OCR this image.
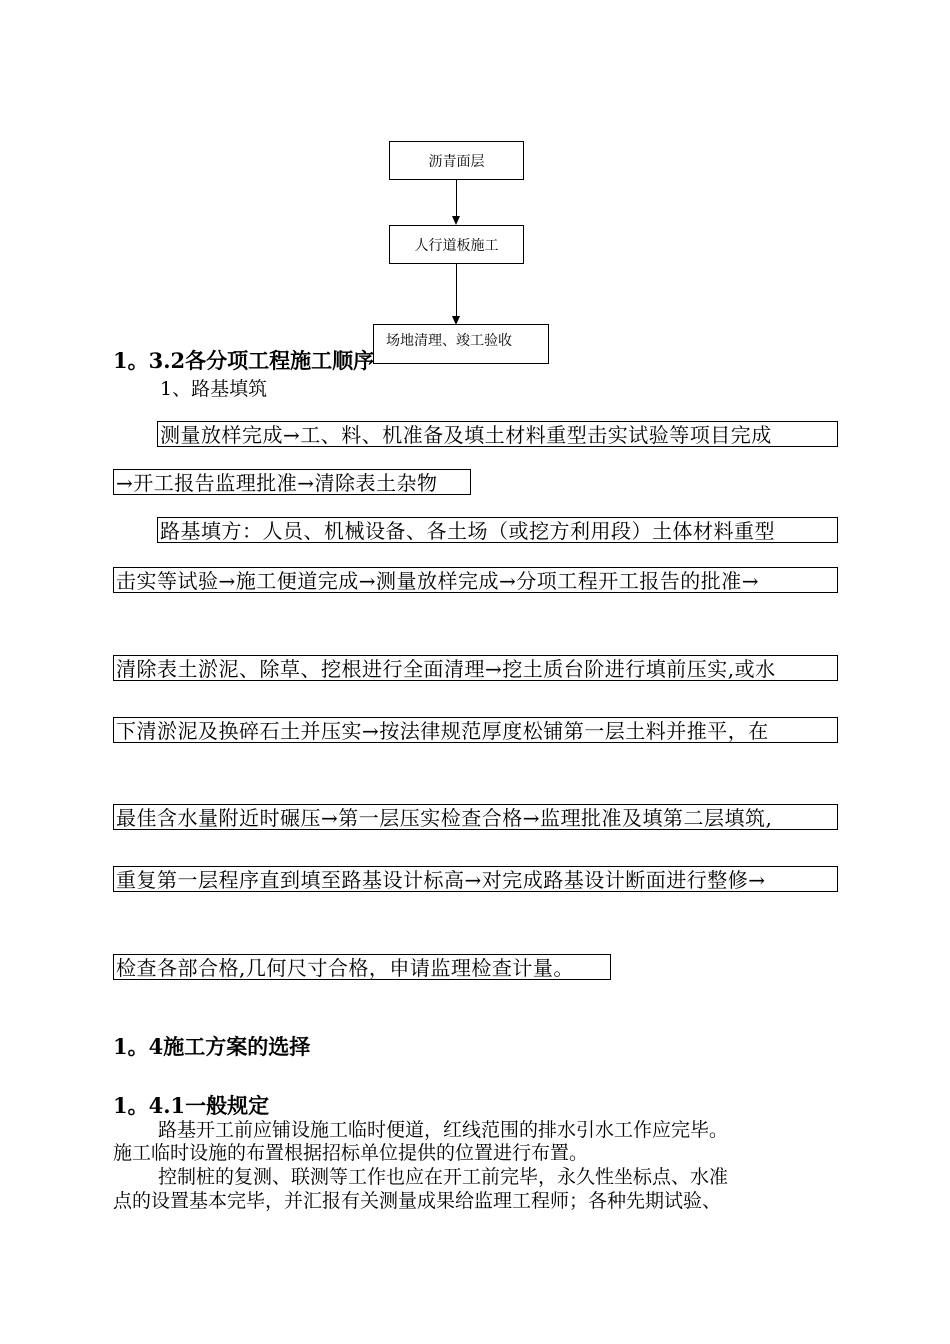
沥青面层
人行道板施工
场地清理、竣工验收
1。3.2各分项工程施工顺序
1、路基填筑
测量放样完成→工、料、机准备及填土材料重型击实试验等项目完成
→开工报告监理批准→清除表土杂物
路基填方：人员、机械设备、各土场（或挖方利用段）土体材料重型
击实等试验→施工便道完成→测量放样完成→分项工程开工报告的批准→
清除表土淤泥、除草、挖根进行全面清理→挖土质台阶进行填前压实,或水
下清淤泥及换碎石土并压实→按法律规范厚度松铺第一层土料并推平，在
最佳含水量附近时碾压→第一层压实检查合格→监理批准及填第二层填筑,
重复第一层程序直到填至路基设计标高→对完成路基设计断面进行整修→
检查各部合格,几何尺寸合格，申请监理检查计量。
1。4施工方案的选择
1。4.1一般规定
路基开工前应铺设施工临时便道，红线范围的排水引水工作应完毕。
施工临时设施的布置根据招标单位提供的位置进行布置。
控制桩的复测、联测等工作也应在开工前完毕，永久性坐标点、水准
点的设置基本完毕，并汇报有关测量成果给监理工程师；各种先期试验、
